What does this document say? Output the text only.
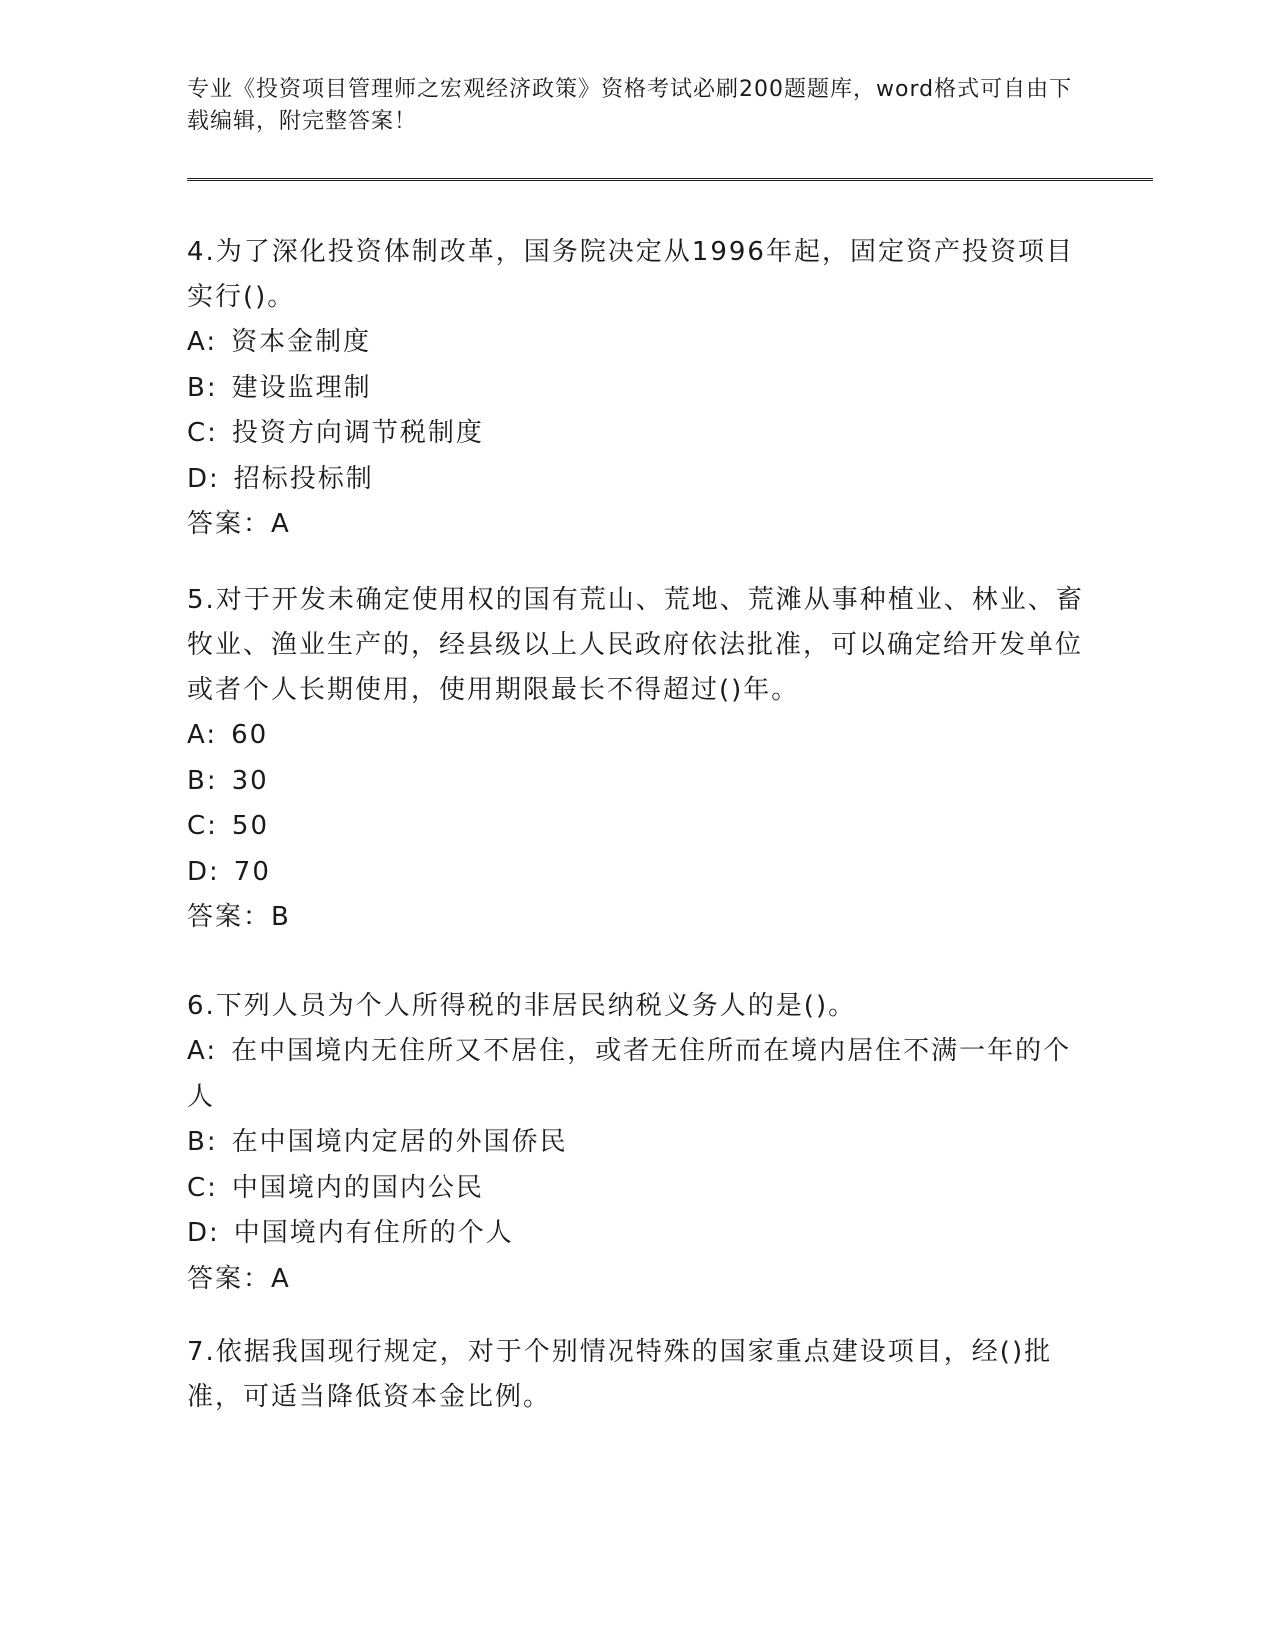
专业《投资项目管理师之宏观经济政策》资格考试必刷200题题库，word格式可自由下载编辑，附完整答案！

4.为了深化投资体制改革，国务院决定从1996年起，固定资产投资项目实行()。

A: 资本金制度

B: 建设监理制

C: 投资方向调节税制度

D: 招标投标制

答案：A

5.对于开发未确定使用权的国有荒山、荒地、荒滩从事种植业、林业、畜牧业、渔业生产的，经县级以上人民政府依法批准，可以确定给开发单位或者个人长期使用，使用期限最长不得超过()年。

A: 60

B: 30

C: 50

D: 70

答案：B

6.下列人员为个人所得税的非居民纳税义务人的是()。

A: 在中国境内无住所又不居住，或者无住所而在境内居住不满一年的个人

B: 在中国境内定居的外国侨民

C: 中国境内的国内公民

D: 中国境内有住所的个人

答案：A

7.依据我国现行规定，对于个别情况特殊的国家重点建设项目，经()批准，可适当降低资本金比例。
